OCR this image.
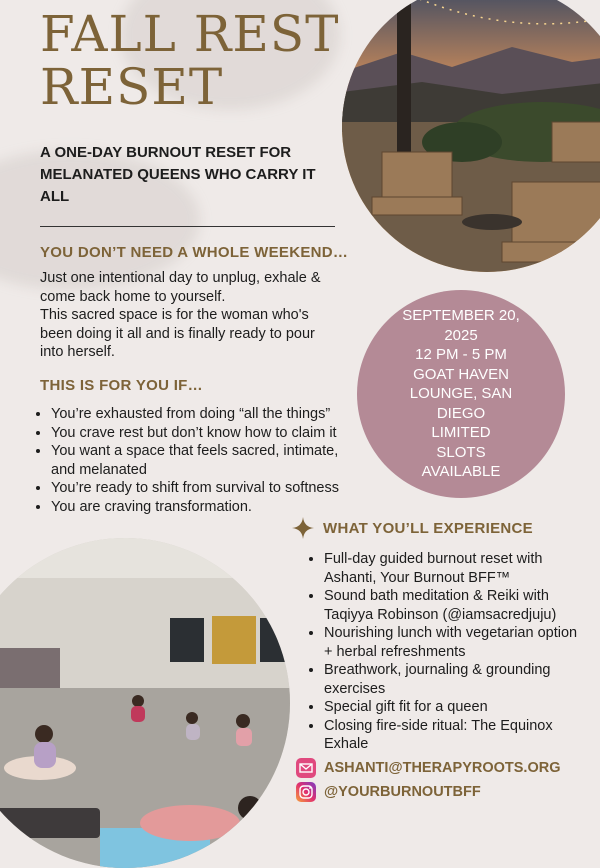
FALL REST
RESET

A ONE-DAY BURNOUT RESET FOR MELANATED QUEENS WHO CARRY IT ALL

YOU DON’T NEED A WHOLE WEEKEND…
Just one intentional day to unplug, exhale & come back home to yourself.
This sacred space is for the woman who's been doing it all and is finally ready to pour into herself.
THIS IS FOR YOU IF…
• You’re exhausted from doing “all the things”
• You crave rest but don’t know how to claim it
• You want a space that feels sacred, intimate, and melanated
• You’re ready to shift from survival to softness
• You are craving transformation.
SEPTEMBER 20, 2025
12 PM - 5 PM
GOAT HAVEN LOUNGE, SAN DIEGO
LIMITED SLOTS AVAILABLE
WHAT YOU’LL EXPERIENCE
• Full-day guided burnout reset with Ashanti, Your Burnout BFF™
• Sound bath meditation & Reiki with Taqiyya Robinson (@iamsacredjuju)
• Nourishing lunch with vegetarian option + herbal refreshments
• Breathwork, journaling & grounding exercises
• Special gift fit for a queen
• Closing fire-side ritual: The Equinox Exhale
ASHANTI@THERAPYROOTS.ORG
@YOURBURNOUTBFF
